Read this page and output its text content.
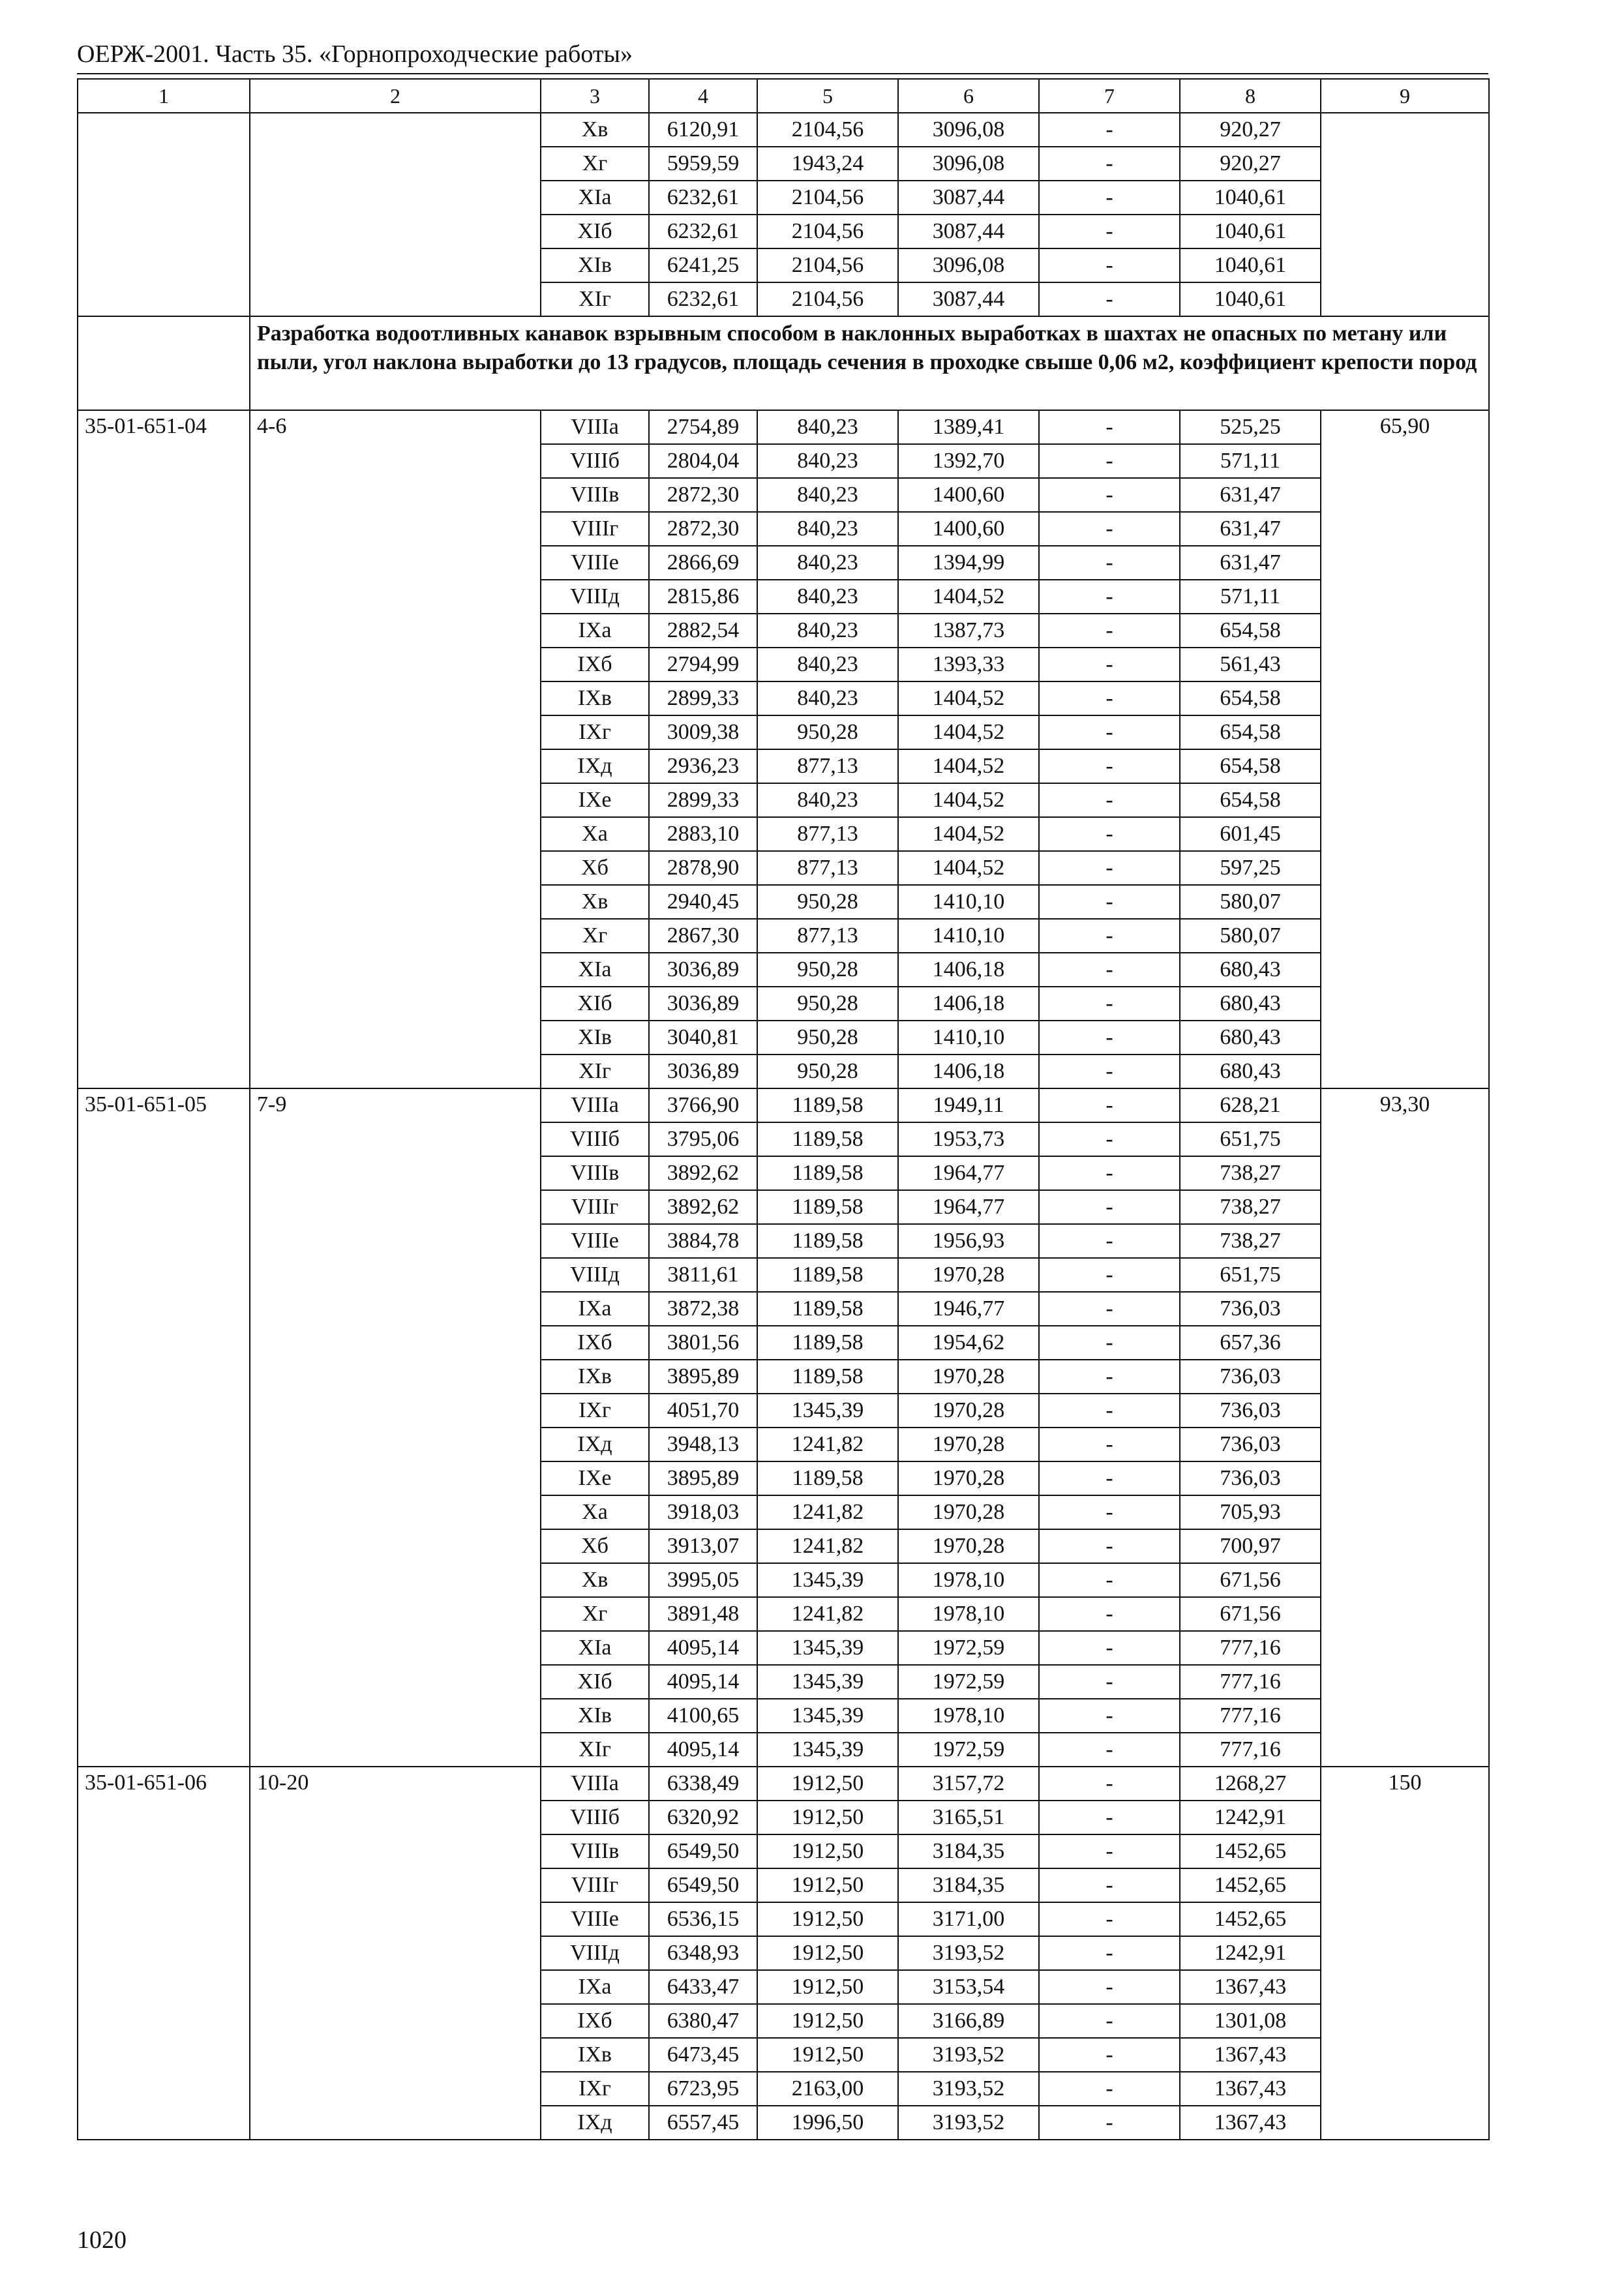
ОЕРЖ-2001. Часть 35. «Горнопроходческие работы»
1	2	3	4	5	6	7	8	9
		Хв	6120,91	2104,56	3096,08	-	920,27	
		Хг	5959,59	1943,24	3096,08	-	920,27	
		ХIа	6232,61	2104,56	3087,44	-	1040,61	
		ХIб	6232,61	2104,56	3087,44	-	1040,61	
		ХIв	6241,25	2104,56	3096,08	-	1040,61	
		ХIг	6232,61	2104,56	3087,44	-	1040,61	
	Разработка водоотливных канавок взрывным способом в наклонных выработках в шахтах не опасных по метану или пыли, угол наклона выработки до 13 градусов, площадь сечения в проходке свыше 0,06 м2, коэффициент крепости пород							
35-01-651-04	4-6	VIIIа	2754,89	840,23	1389,41	-	525,25	65,90
		VIIIб	2804,04	840,23	1392,70	-	571,11	
		VIIIв	2872,30	840,23	1400,60	-	631,47	
		VIIIг	2872,30	840,23	1400,60	-	631,47	
		VIIIе	2866,69	840,23	1394,99	-	631,47	
		VIIIд	2815,86	840,23	1404,52	-	571,11	
		IХа	2882,54	840,23	1387,73	-	654,58	
		IХб	2794,99	840,23	1393,33	-	561,43	
		IХв	2899,33	840,23	1404,52	-	654,58	
		IХг	3009,38	950,28	1404,52	-	654,58	
		IХд	2936,23	877,13	1404,52	-	654,58	
		IХе	2899,33	840,23	1404,52	-	654,58	
		Ха	2883,10	877,13	1404,52	-	601,45	
		Хб	2878,90	877,13	1404,52	-	597,25	
		Хв	2940,45	950,28	1410,10	-	580,07	
		Хг	2867,30	877,13	1410,10	-	580,07	
		ХIа	3036,89	950,28	1406,18	-	680,43	
		ХIб	3036,89	950,28	1406,18	-	680,43	
		ХIв	3040,81	950,28	1410,10	-	680,43	
		ХIг	3036,89	950,28	1406,18	-	680,43	
35-01-651-05	7-9	VIIIа	3766,90	1189,58	1949,11	-	628,21	93,30
		VIIIб	3795,06	1189,58	1953,73	-	651,75	
		VIIIв	3892,62	1189,58	1964,77	-	738,27	
		VIIIг	3892,62	1189,58	1964,77	-	738,27	
		VIIIе	3884,78	1189,58	1956,93	-	738,27	
		VIIIд	3811,61	1189,58	1970,28	-	651,75	
		IХа	3872,38	1189,58	1946,77	-	736,03	
		IХб	3801,56	1189,58	1954,62	-	657,36	
		IХв	3895,89	1189,58	1970,28	-	736,03	
		IХг	4051,70	1345,39	1970,28	-	736,03	
		IХд	3948,13	1241,82	1970,28	-	736,03	
		IХе	3895,89	1189,58	1970,28	-	736,03	
		Ха	3918,03	1241,82	1970,28	-	705,93	
		Хб	3913,07	1241,82	1970,28	-	700,97	
		Хв	3995,05	1345,39	1978,10	-	671,56	
		Хг	3891,48	1241,82	1978,10	-	671,56	
		ХIа	4095,14	1345,39	1972,59	-	777,16	
		ХIб	4095,14	1345,39	1972,59	-	777,16	
		ХIв	4100,65	1345,39	1978,10	-	777,16	
		ХIг	4095,14	1345,39	1972,59	-	777,16	
35-01-651-06	10-20	VIIIа	6338,49	1912,50	3157,72	-	1268,27	150
		VIIIб	6320,92	1912,50	3165,51	-	1242,91	
		VIIIв	6549,50	1912,50	3184,35	-	1452,65	
		VIIIг	6549,50	1912,50	3184,35	-	1452,65	
		VIIIе	6536,15	1912,50	3171,00	-	1452,65	
		VIIIд	6348,93	1912,50	3193,52	-	1242,91	
		IХа	6433,47	1912,50	3153,54	-	1367,43	
		IХб	6380,47	1912,50	3166,89	-	1301,08	
		IХв	6473,45	1912,50	3193,52	-	1367,43	
		IХг	6723,95	2163,00	3193,52	-	1367,43	
		IХд	6557,45	1996,50	3193,52	-	1367,43	
1020
